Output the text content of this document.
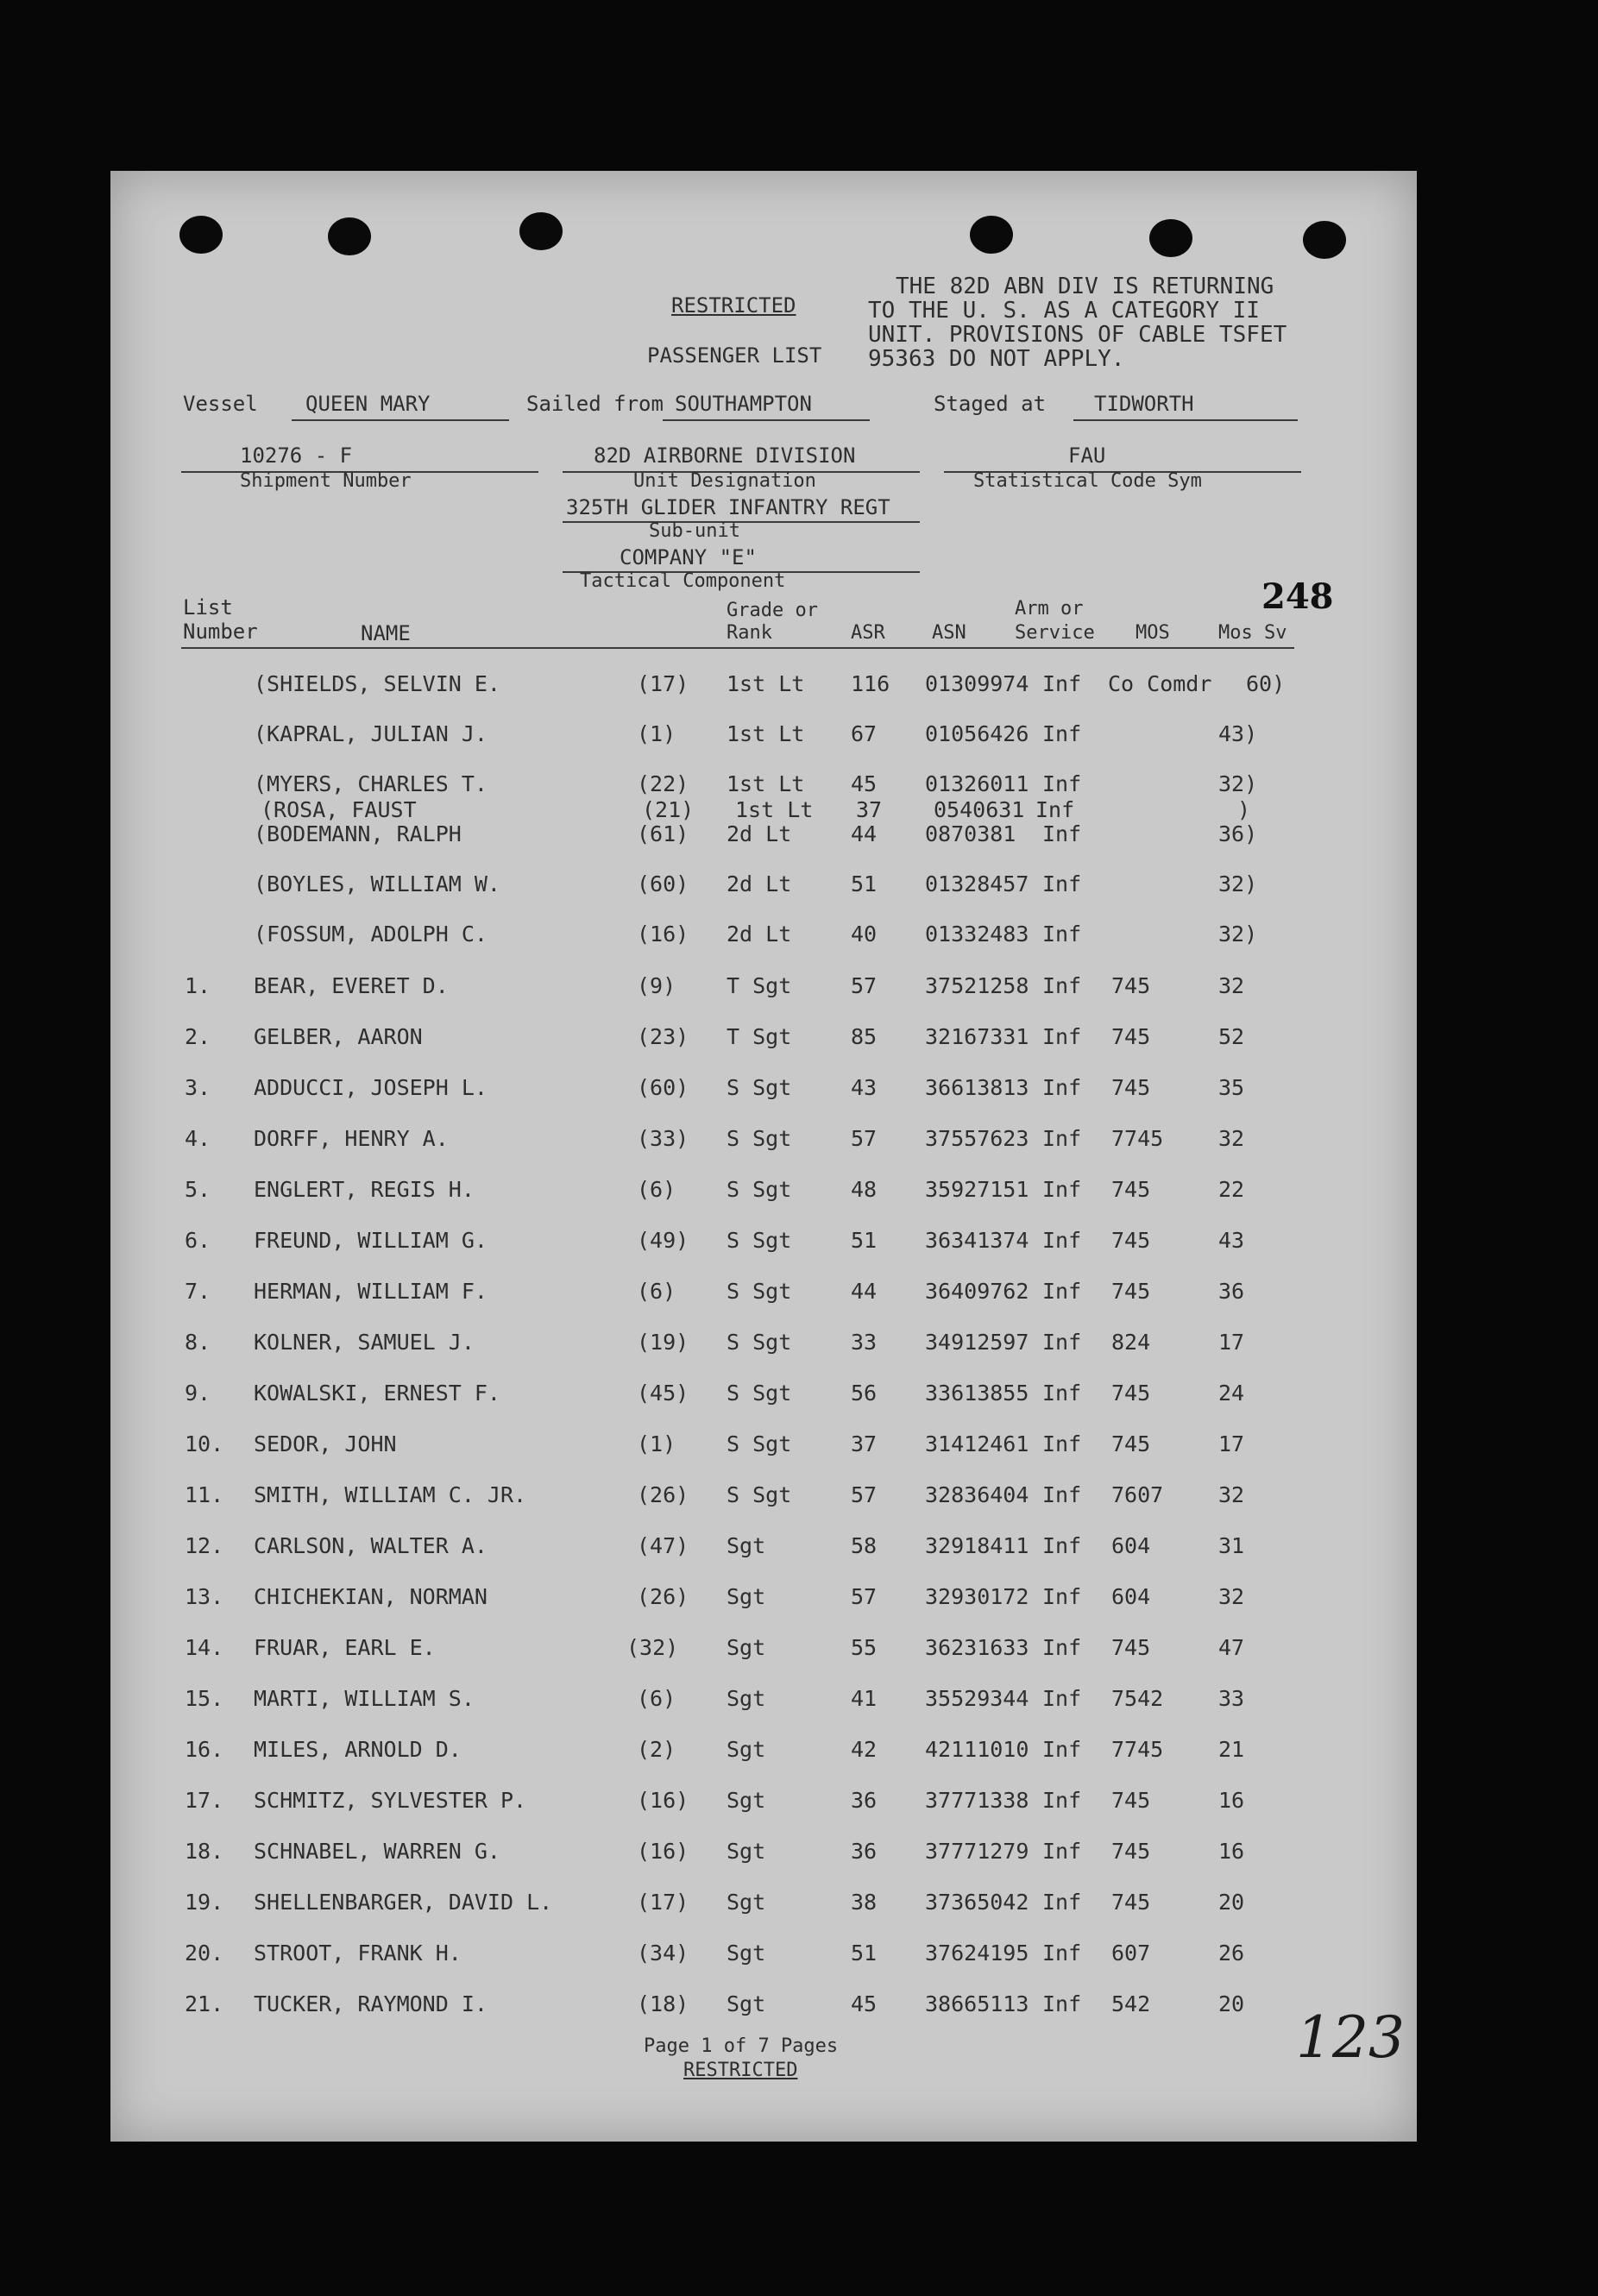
RESTRICTED
PASSENGER LIST
THE 82D ABN DIV IS RETURNING
TO THE U. S. AS A CATEGORY II
UNIT. PROVISIONS OF CABLE TSFET
95363 DO NOT APPLY.
Vessel QUEEN MARY	Sailed from SOUTHAMPTON	Staged at TIDWORTH
10276 - F
Shipment Number
82D AIRBORNE DIVISION
Unit Designation
325TH GLIDER INFANTRY REGT
Sub-unit
COMPANY "E"
Tactical Component
FAU
Statistical Code Sym
248
List
Number	NAME
Grade or
Rank	ASR ASN
Arm or
Service MOS	Mos Sv
(SHIELDS, SELVIN E.	(17) 1st Lt 116 01309974 Inf Co Comdr 60)
(KAPRAL, JULIAN J.	(1) 1st Lt 67 01056426 Inf	43)
(MYERS, CHARLES T.	(22) 1st Lt 45 01326011 Inf	32)
(ROSA, FAUST	(21) 1st Lt 37 0540631 Inf	)
(BODEMANN, RALPH	(61) 2d Lt	44 0870381 Inf	36)
(BOYLES, WILLIAM W.	(60) 2d Lt	51 01328457 Inf	32)
(FOSSUM, ADOLPH C.	(16) 2d Lt	40 01332483 Inf	32)
1. BEAR, EVERET D.	(9) T Sgt	57 37521258 Inf 745	32
2. GELBER, AARON	(23) T Sgt	85 32167331 Inf 745	52
3. ADDUCCI, JOSEPH L.	(60) S Sgt	43 36613813 Inf 745	35
4. DORFF, HENRY A.	(33) S Sgt	57 37557623 Inf 7745	32
5. ENGLERT, REGIS H.	(6) S Sgt	48 35927151 Inf 745	22
6. FREUND, WILLIAM G.	(49) S Sgt	51 36341374 Inf 745	43
7. HERMAN, WILLIAM F.	(6) S Sgt	44 36409762 Inf 745	36
8. KOLNER, SAMUEL J.	(19) S Sgt	33 34912597 Inf 824	17
9. KOWALSKI, ERNEST F.	(45) S Sgt	56 33613855 Inf 745	24
10. SEDOR, JOHN	(1) S Sgt	37 31412461 Inf 745	17
11. SMITH, WILLIAM C. JR.	(26) S Sgt	57 32836404 Inf 7607	32
12. CARLSON, WALTER A.	(47) Sgt	58 32918411 Inf 604	31
13. CHICHEKIAN, NORMAN	(26) Sgt	57 32930172 Inf 604	32
14. FRUAR, EARL E.	(32) Sgt	55 36231633 Inf 745	47
15. MARTI, WILLIAM S.	(6) Sgt	41 35529344 Inf 7542	33
16. MILES, ARNOLD D.	(2) Sgt	42 42111010 Inf 7745	21
17. SCHMITZ, SYLVESTER P.	(16) Sgt	36 37771338 Inf 745	16
18. SCHNABEL, WARREN G.	(16) Sgt	36 37771279 Inf 745	16
19. SHELLENBARGER, DAVID L.	(17) Sgt	38 37365042 Inf 745	20
20. STROOT, FRANK H.	(34) Sgt	51 37624195 Inf 607	26
21. TUCKER, RAYMOND I.	(18) Sgt	45 38665113 Inf 542	20
Page 1 of 7 Pages
RESTRICTED	123
